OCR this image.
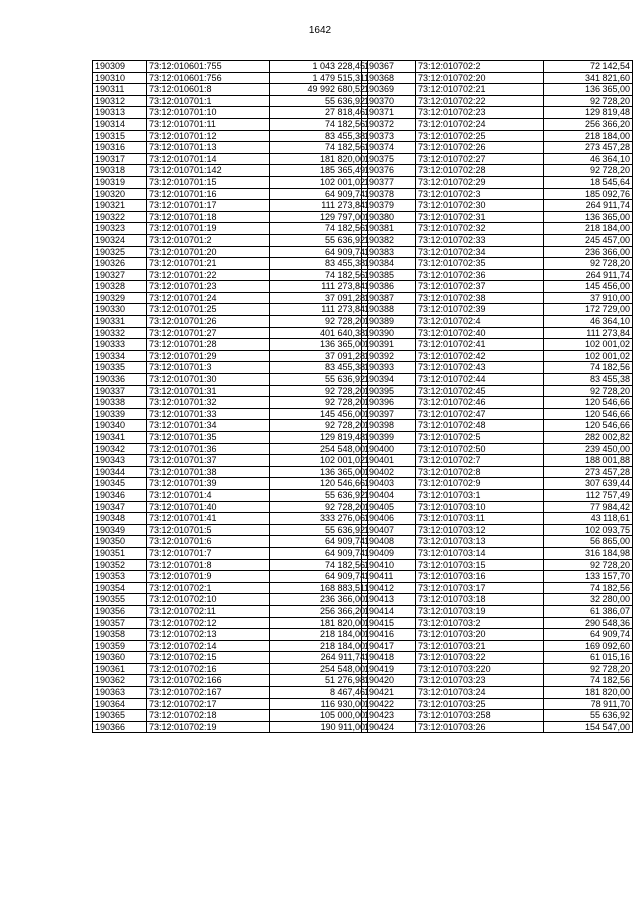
1642
190309	73:12:010601:755	1 043 228,45
190310	73:12:010601:756	1 479 515,31
190311	73:12:010601:8	49 992 680,52
190312	73:12:010701:1	55 636,92
190313	73:12:010701:10	27 818,46
190314	73:12:010701:11	74 182,56
190315	73:12:010701:12	83 455,38
190316	73:12:010701:13	74 182,56
190317	73:12:010701:14	181 820,00
190318	73:12:010701:142	185 365,49
190319	73:12:010701:15	102 001,02
190320	73:12:010701:16	64 909,74
190321	73:12:010701:17	111 273,84
190322	73:12:010701:18	129 797,00
190323	73:12:010701:19	74 182,56
190324	73:12:010701:2	55 636,92
190325	73:12:010701:20	64 909,74
190326	73:12:010701:21	83 455,38
190327	73:12:010701:22	74 182,56
190328	73:12:010701:23	111 273,84
190329	73:12:010701:24	37 091,28
190330	73:12:010701:25	111 273,84
190331	73:12:010701:26	92 728,20
190332	73:12:010701:27	401 640,38
190333	73:12:010701:28	136 365,00
190334	73:12:010701:29	37 091,28
190335	73:12:010701:3	83 455,38
190336	73:12:010701:30	55 636,92
190337	73:12:010701:31	92 728,20
190338	73:12:010701:32	92 728,20
190339	73:12:010701:33	145 456,00
190340	73:12:010701:34	92 728,20
190341	73:12:010701:35	129 819,48
190342	73:12:010701:36	254 548,00
190343	73:12:010701:37	102 001,02
190344	73:12:010701:38	136 365,00
190345	73:12:010701:39	120 546,66
190346	73:12:010701:4	55 636,92
190347	73:12:010701:40	92 728,20
190348	73:12:010701:41	333 276,06
190349	73:12:010701:5	55 636,92
190350	73:12:010701:6	64 909,74
190351	73:12:010701:7	64 909,74
190352	73:12:010701:8	74 182,56
190353	73:12:010701:9	64 909,74
190354	73:12:010702:1	168 883,51
190355	73:12:010702:10	236 366,00
190356	73:12:010702:11	256 366,20
190357	73:12:010702:12	181 820,00
190358	73:12:010702:13	218 184,00
190359	73:12:010702:14	218 184,00
190360	73:12:010702:15	264 911,74
190361	73:12:010702:16	254 548,00
190362	73:12:010702:166	51 276,98
190363	73:12:010702:167	8 467,46
190364	73:12:010702:17	116 930,00
190365	73:12:010702:18	105 000,00
190366	73:12:010702:19	190 911,00
190367	73:12:010702:2	72 142,54
190368	73:12:010702:20	341 821,60
190369	73:12:010702:21	136 365,00
190370	73:12:010702:22	92 728,20
190371	73:12:010702:23	129 819,48
190372	73:12:010702:24	256 366,20
190373	73:12:010702:25	218 184,00
190374	73:12:010702:26	273 457,28
190375	73:12:010702:27	46 364,10
190376	73:12:010702:28	92 728,20
190377	73:12:010702:29	18 545,64
190378	73:12:010702:3	185 092,76
190379	73:12:010702:30	264 911,74
190380	73:12:010702:31	136 365,00
190381	73:12:010702:32	218 184,00
190382	73:12:010702:33	245 457,00
190383	73:12:010702:34	236 366,00
190384	73:12:010702:35	92 728,20
190385	73:12:010702:36	264 911,74
190386	73:12:010702:37	145 456,00
190387	73:12:010702:38	37 910,00
190388	73:12:010702:39	172 729,00
190389	73:12:010702:4	46 364,10
190390	73:12:010702:40	111 273,84
190391	73:12:010702:41	102 001,02
190392	73:12:010702:42	102 001,02
190393	73:12:010702:43	74 182,56
190394	73:12:010702:44	83 455,38
190395	73:12:010702:45	92 728,20
190396	73:12:010702:46	120 546,66
190397	73:12:010702:47	120 546,66
190398	73:12:010702:48	120 546,66
190399	73:12:010702:5	282 002,82
190400	73:12:010702:50	239 450,00
190401	73:12:010702:7	188 001,88
190402	73:12:010702:8	273 457,28
190403	73:12:010702:9	307 639,44
190404	73:12:010703:1	112 757,49
190405	73:12:010703:10	77 984,42
190406	73:12:010703:11	43 118,61
190407	73:12:010703:12	102 093,75
190408	73:12:010703:13	56 865,00
190409	73:12:010703:14	316 184,98
190410	73:12:010703:15	92 728,20
190411	73:12:010703:16	133 157,70
190412	73:12:010703:17	74 182,56
190413	73:12:010703:18	32 280,00
190414	73:12:010703:19	61 386,07
190415	73:12:010703:2	290 548,36
190416	73:12:010703:20	64 909,74
190417	73:12:010703:21	169 092,60
190418	73:12:010703:22	61 015,16
190419	73:12:010703:220	92 728,20
190420	73:12:010703:23	74 182,56
190421	73:12:010703:24	181 820,00
190422	73:12:010703:25	78 911,70
190423	73:12:010703:258	55 636,92
190424	73:12:010703:26	154 547,00
